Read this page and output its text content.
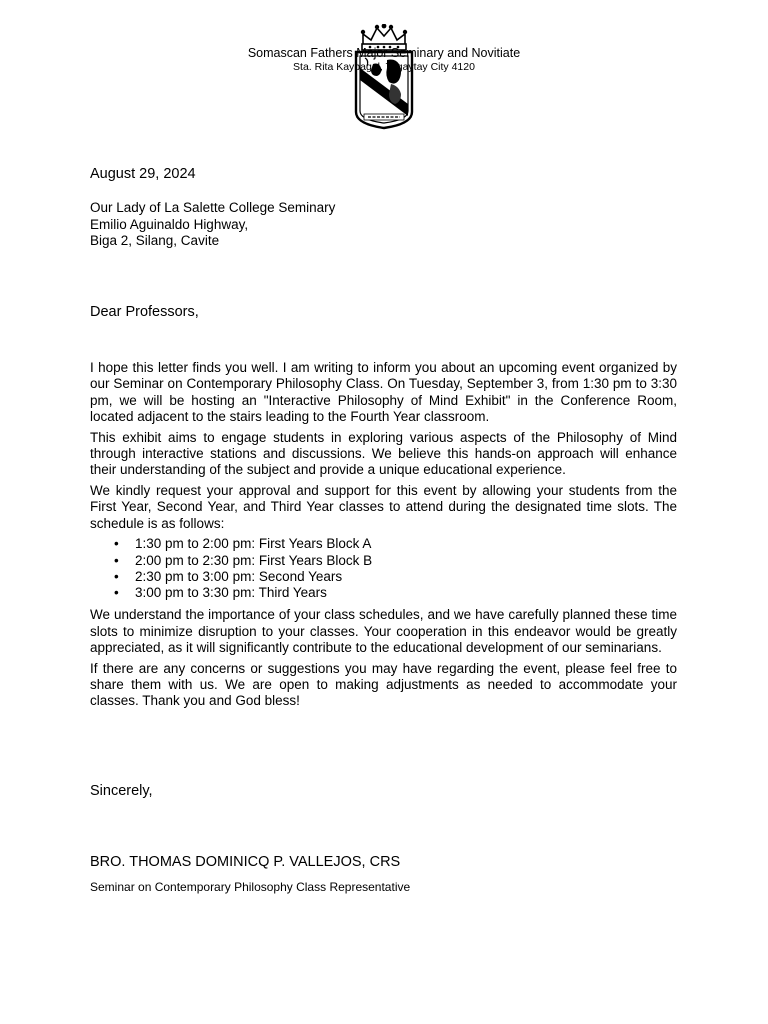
Somascan Fathers Major Seminary and Novitiate
Sta. Rita Kaybagal, Tagaytay City 4120
August 29, 2024
Our Lady of La Salette College Seminary
Emilio Aguinaldo Highway,
Biga 2, Silang, Cavite
Dear Professors,

I hope this letter finds you well. I am writing to inform you about an upcoming event organized by our Seminar on Contemporary Philosophy Class. On Tuesday, September 3, from 1:30 pm to 3:30 pm, we will be hosting an "Interactive Philosophy of Mind Exhibit" in the Conference Room, located adjacent to the stairs leading to the Fourth Year classroom.

This exhibit aims to engage students in exploring various aspects of the Philosophy of Mind through interactive stations and discussions. We believe this hands-on approach will enhance their understanding of the subject and provide a unique educational experience.

We kindly request your approval and support for this event by allowing your students from the First Year, Second Year, and Third Year classes to attend during the designated time slots. The schedule is as follows:

• 1:30 pm to 2:00 pm: First Years Block A
• 2:00 pm to 2:30 pm: First Years Block B
• 2:30 pm to 3:00 pm: Second Years
• 3:00 pm to 3:30 pm: Third Years

We understand the importance of your class schedules, and we have carefully planned these time slots to minimize disruption to your classes. Your cooperation in this endeavor would be greatly appreciated, as it will significantly contribute to the educational development of our seminarians.

If there are any concerns or suggestions you may have regarding the event, please feel free to share them with us. We are open to making adjustments as needed to accommodate your classes. Thank you and God bless!

Sincerely,
BRO. THOMAS DOMINICQ P. VALLEJOS, CRS
Seminar on Contemporary Philosophy Class Representative
